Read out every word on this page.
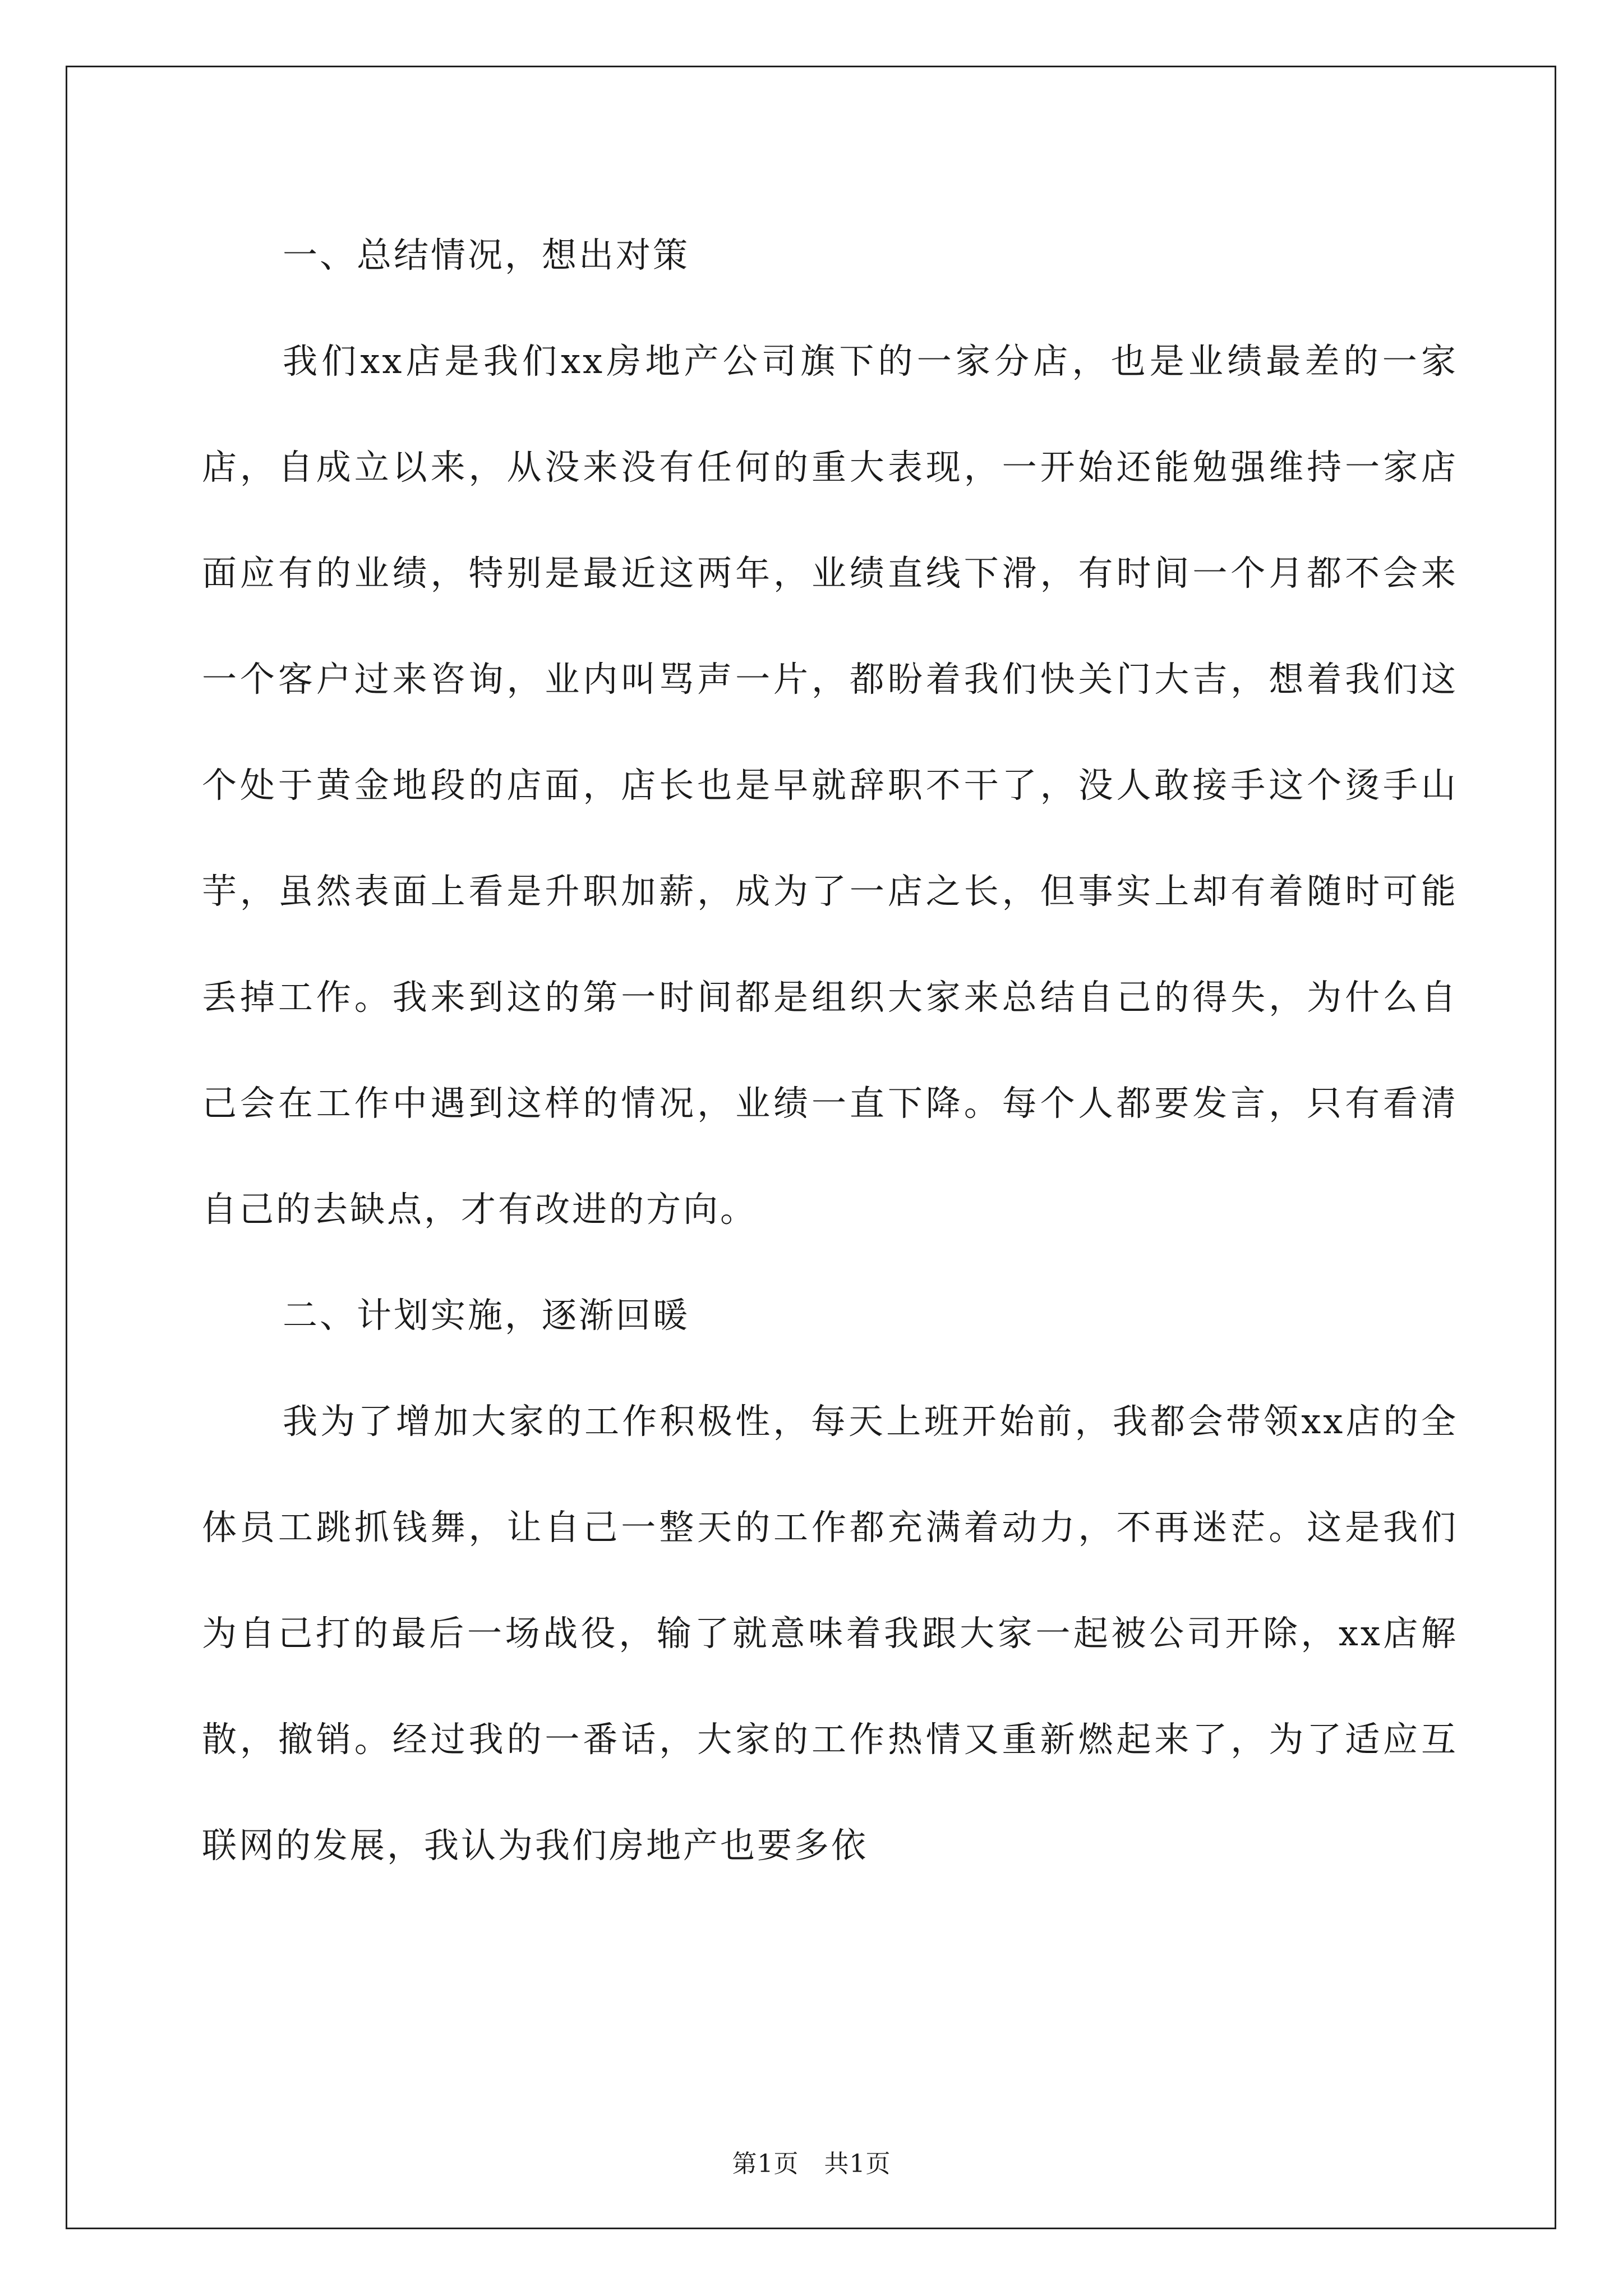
一、总结情况，想出对策

我们xx店是我们xx房地产公司旗下的一家分店，也是业绩最差的一家店，自成立以来，从没来没有任何的重大表现，一开始还能勉强维持一家店面应有的业绩，特别是最近这两年，业绩直线下滑，有时间一个月都不会来一个客户过来咨询，业内叫骂声一片，都盼着我们快关门大吉，想着我们这个处于黄金地段的店面，店长也是早就辞职不干了，没人敢接手这个烫手山芋，虽然表面上看是升职加薪，成为了一店之长，但事实上却有着随时可能丢掉工作。我来到这的第一时间都是组织大家来总结自己的得失，为什么自己会在工作中遇到这样的情况，业绩一直下降。每个人都要发言，只有看清自己的去缺点，才有改进的方向。

二、计划实施，逐渐回暖

我为了增加大家的工作积极性，每天上班开始前，我都会带领xx店的全体员工跳抓钱舞，让自己一整天的工作都充满着动力，不再迷茫。这是我们为自己打的最后一场战役，输了就意味着我跟大家一起被公司开除，xx店解散，撤销。经过我的一番话，大家的工作热情又重新燃起来了，为了适应互联网的发展，我认为我们房地产也要多依

第1页　共1页
